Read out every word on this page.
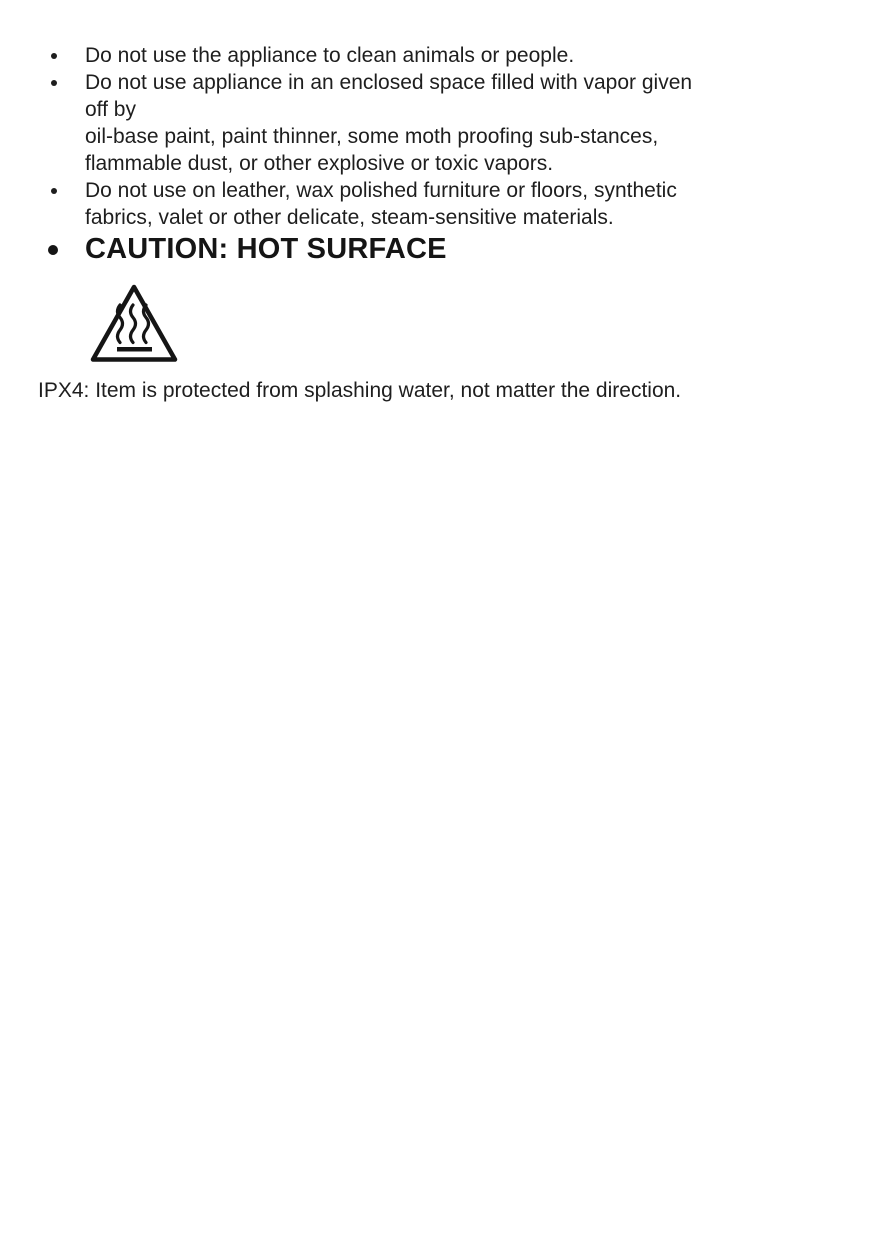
Do not use the appliance to clean animals or people.
Do not use appliance in an enclosed space filled with vapor given
off by
oil-base paint, paint thinner, some moth proofing sub-stances,
flammable dust, or other explosive or toxic vapors.
Do not use on leather, wax polished furniture or floors, synthetic
fabrics, valet or other delicate, steam-sensitive materials.
CAUTION: HOT SURFACE

IPX4: Item is protected from splashing water, not matter the direction.
